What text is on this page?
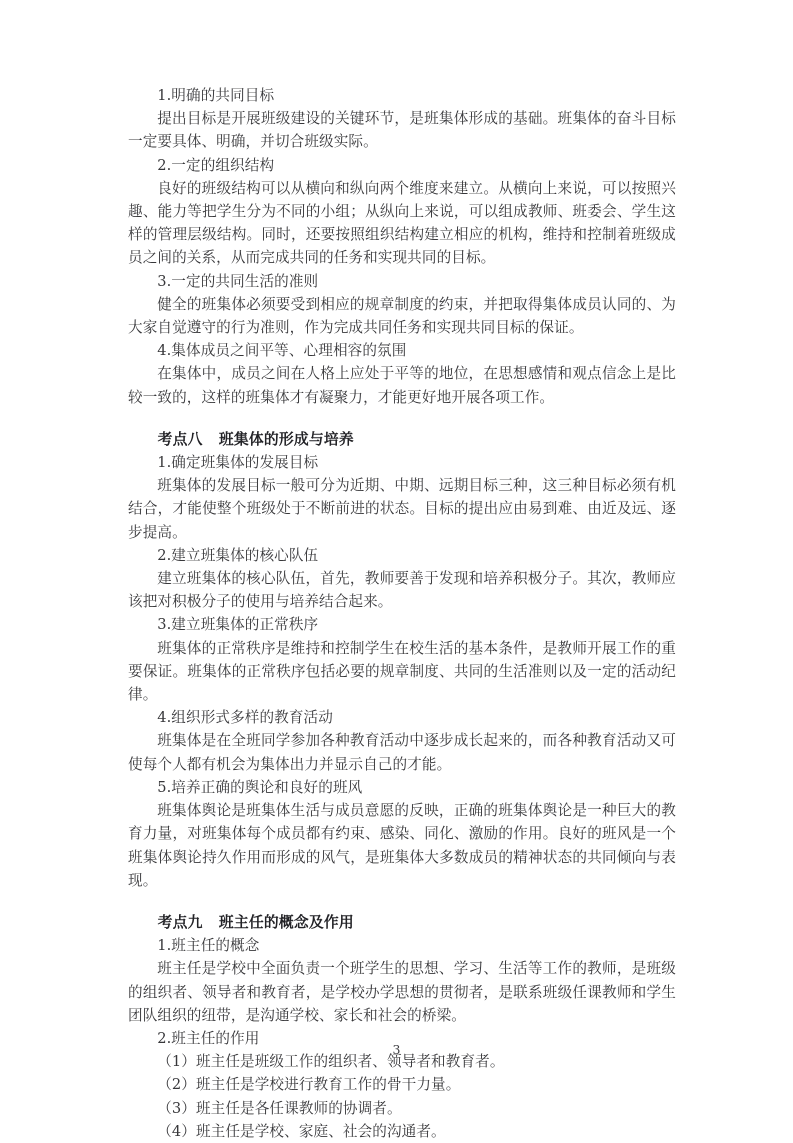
1.明确的共同目标

提出目标是开展班级建设的关键环节，是班集体形成的基础。班集体的奋斗目标一定要具体、明确，并切合班级实际。

2.一定的组织结构

良好的班级结构可以从横向和纵向两个维度来建立。从横向上来说，可以按照兴趣、能力等把学生分为不同的小组；从纵向上来说，可以组成教师、班委会、学生这样的管理层级结构。同时，还要按照组织结构建立相应的机构，维持和控制着班级成员之间的关系，从而完成共同的任务和实现共同的目标。

3.一定的共同生活的准则

健全的班集体必须要受到相应的规章制度的约束，并把取得集体成员认同的、为大家自觉遵守的行为准则，作为完成共同任务和实现共同目标的保证。

4.集体成员之间平等、心理相容的氛围

在集体中，成员之间在人格上应处于平等的地位，在思想感情和观点信念上是比较一致的，这样的班集体才有凝聚力，才能更好地开展各项工作。

考点八 班集体的形成与培养

1.确定班集体的发展目标

班集体的发展目标一般可分为近期、中期、远期目标三种，这三种目标必须有机结合，才能使整个班级处于不断前进的状态。目标的提出应由易到难、由近及远、逐步提高。

2.建立班集体的核心队伍

建立班集体的核心队伍，首先，教师要善于发现和培养积极分子。其次，教师应该把对积极分子的使用与培养结合起来。

3.建立班集体的正常秩序

班集体的正常秩序是维持和控制学生在校生活的基本条件，是教师开展工作的重要保证。班集体的正常秩序包括必要的规章制度、共同的生活准则以及一定的活动纪律。

4.组织形式多样的教育活动

班集体是在全班同学参加各种教育活动中逐步成长起来的，而各种教育活动又可使每个人都有机会为集体出力并显示自己的才能。

5.培养正确的舆论和良好的班风

班集体舆论是班集体生活与成员意愿的反映，正确的班集体舆论是一种巨大的教育力量，对班集体每个成员都有约束、感染、同化、激励的作用。良好的班风是一个班集体舆论持久作用而形成的风气，是班集体大多数成员的精神状态的共同倾向与表现。

考点九 班主任的概念及作用

1.班主任的概念

班主任是学校中全面负责一个班学生的思想、学习、生活等工作的教师，是班级的组织者、领导者和教育者，是学校办学思想的贯彻者，是联系班级任课教师和学生团队组织的纽带，是沟通学校、家长和社会的桥梁。

2.班主任的作用

（1）班主任是班级工作的组织者、领导者和教育者。

（2）班主任是学校进行教育工作的骨干力量。

（3）班主任是各任课教师的协调者。

（4）班主任是学校、家庭、社会的沟通者。

3
